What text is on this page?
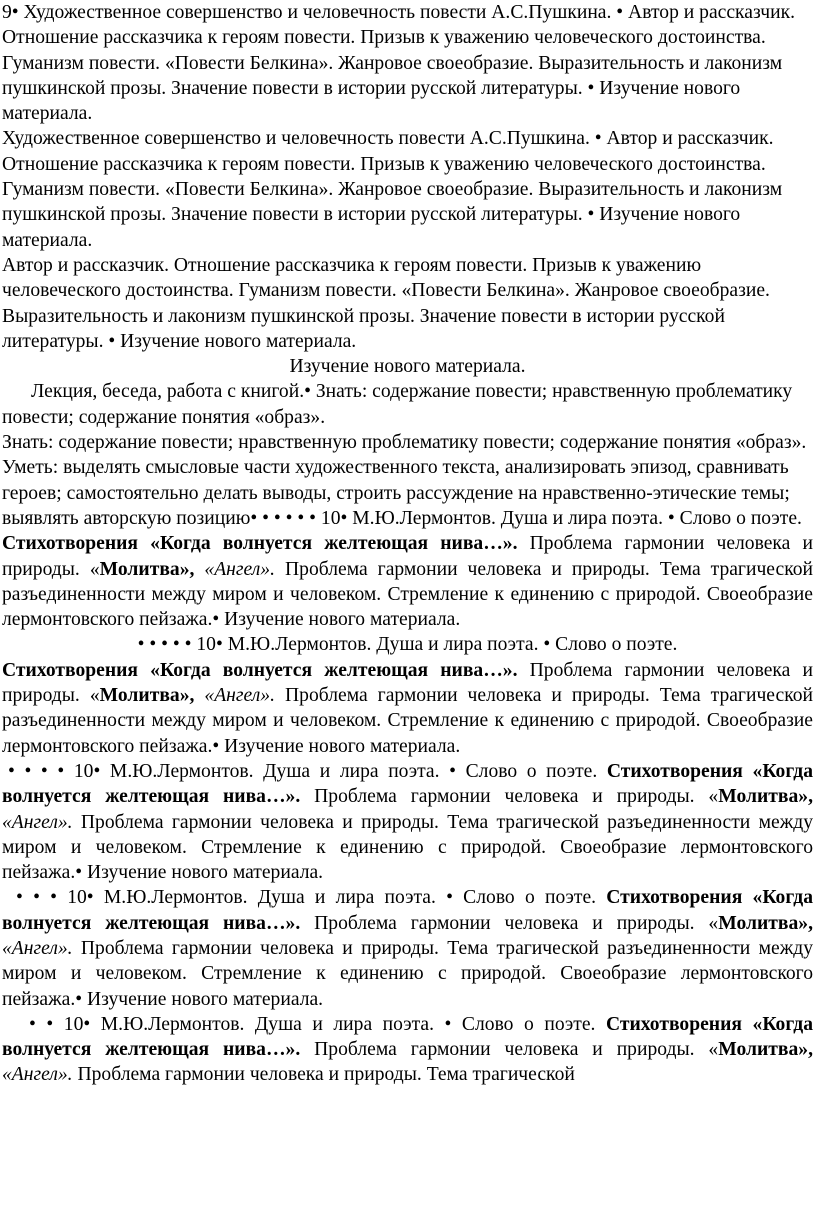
9• Художественное совершенство и человечность повести А.С.Пушкина. • Автор и рассказчик. Отношение рассказчика к героям повести. Призыв к уважению человеческого достоинства. Гуманизм повести. «Повести Белкина». Жанровое своеобразие. Выразительность и лаконизм пушкинской прозы. Значение повести в истории русской литературы. • Изучение нового материала.

Художественное совершенство и человечность повести А.С.Пушкина. • Автор и рассказчик. Отношение рассказчика к героям повести. Призыв к уважению человеческого достоинства. Гуманизм повести. «Повести Белкина». Жанровое своеобразие. Выразительность и лаконизм пушкинской прозы. Значение повести в истории русской литературы. • Изучение нового материала.

Автор и рассказчик. Отношение рассказчика к героям повести. Призыв к уважению человеческого достоинства. Гуманизм повести. «Повести Белкина». Жанровое своеобразие. Выразительность и лаконизм пушкинской прозы. Значение повести в истории русской литературы. • Изучение нового материала.

Изучение нового материала.

Лекция, беседа, работа с книгой.• Знать: содержание повести; нравственную проблематику повести; содержание понятия «образ».

Знать: содержание повести; нравственную проблематику повести; содержание понятия «образ».

Уметь: выделять смысловые части художественного текста, анализировать эпизод, сравнивать героев; самостоятельно делать выводы, строить рассуждение на нравственно-этические темы; выявлять авторскую позицию• • • • • • 10• М.Ю.Лермонтов. Душа и лира поэта. • Слово о поэте.

Стихотворения «Когда волнуется желтеющая нива…». Проблема гармонии человека и природы. «Молитва», «Ангел». Проблема гармонии человека и природы. Тема трагической разъединенности между миром и человеком. Стремление к единению с природой. Своеобразие лермонтовского пейзажа.• Изучение нового материала.

• • • • • 10• М.Ю.Лермонтов. Душа и лира поэта. • Слово о поэте.

Стихотворения «Когда волнуется желтеющая нива…». Проблема гармонии человека и природы. «Молитва», «Ангел». Проблема гармонии человека и природы. Тема трагической разъединенности между миром и человеком. Стремление к единению с природой. Своеобразие лермонтовского пейзажа.• Изучение нового материала.

• • • • 10• М.Ю.Лермонтов. Душа и лира поэта. • Слово о поэте. Стихотворения «Когда волнуется желтеющая нива…». Проблема гармонии человека и природы. «Молитва», «Ангел». Проблема гармонии человека и природы. Тема трагической разъединенности между миром и человеком. Стремление к единению с природой. Своеобразие лермонтовского пейзажа.• Изучение нового материала.

• • • 10• М.Ю.Лермонтов. Душа и лира поэта. • Слово о поэте. Стихотворения «Когда волнуется желтеющая нива…». Проблема гармонии человека и природы. «Молитва», «Ангел». Проблема гармонии человека и природы. Тема трагической разъединенности между миром и человеком. Стремление к единению с природой. Своеобразие лермонтовского пейзажа.• Изучение нового материала.

• • 10• М.Ю.Лермонтов. Душа и лира поэта. • Слово о поэте. Стихотворения «Когда волнуется желтеющая нива…». Проблема гармонии человека и природы. «Молитва», «Ангел». Проблема гармонии человека и природы. Тема трагической
